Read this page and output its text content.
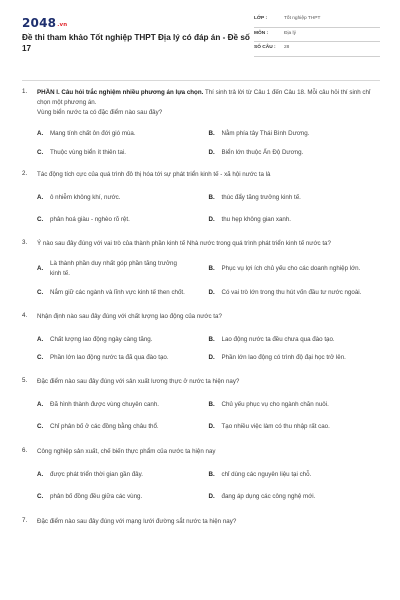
2048.vn
Đề thi tham khảo Tốt nghiệp THPT Địa lý có đáp án - Đề số 17
LỚP :	Tốt nghiệp THPT
MÔN :	Địa lý
SỐ CÂU : 28
1. PHẦN I. Câu hỏi trắc nghiệm nhiều phương án lựa chọn. Thí sinh trả lời từ Câu 1 đến Câu 18. Mỗi câu hỏi thí sinh chỉ chọn một phương án.
Vùng biển nước ta có đặc điểm nào sau đây?
A.	Mang tính chất ôn đới gió mùa.	B.	Nằm phía tây Thái Bình Dương.
C.	Thuộc vùng biển ít thiên tai.	D.	Biển lớn thuộc Ấn Độ Dương.
2. Tác động tích cực của quá trình đô thị hóa tới sự phát triển kinh tế - xã hội nước ta là
A.	ô nhiễm không khí, nước.	B.	thúc đẩy tăng trưởng kinh tế.
C.	phân hoá giàu - nghèo rõ rệt.	D.	thu hẹp không gian xanh.
3. Ý nào sau đây đúng với vai trò của thành phần kinh tế Nhà nước trong quá trình phát triển kinh tế nước ta?
A.
Là thành phần duy nhất góp phần tăng trưởng kinh tế.
B.	Phục vụ lợi ích chủ yếu cho các doanh nghiệp lớn.
C.	Nắm giữ các ngành và lĩnh vực kinh tế then chốt.	D.	Có vai trò lớn trong thu hút vốn đầu tư nước ngoài.
4. Nhận định nào sau đây đúng với chất lượng lao động của nước ta?
A.	Chất lượng lao động ngày càng tăng.	B.	Lao động nước ta đều chưa qua đào tạo.
C.	Phần lớn lao động nước ta đã qua đào tạo.	D.	Phần lớn lao động có trình độ đại học trở lên.
5. Đặc điểm nào sau đây đúng với sản xuất lương thực ở nước ta hiện nay?
A.	Đã hình thành được vùng chuyên canh.	B.	Chủ yếu phục vụ cho ngành chăn nuôi.
C.	Chỉ phân bố ở các đồng bằng châu thổ.	D.	Tạo nhiều việc làm có thu nhập rất cao.
6. Công nghiệp sản xuất, chế biến thực phẩm của nước ta hiện nay
A.	được phát triển thời gian gần đây.	B.	chỉ dùng các nguyên liệu tại chỗ.
C.	phân bố đồng đều giữa các vùng.	D.	đang áp dụng các công nghệ mới.
7. Đặc điểm nào sau đây đúng với mạng lưới đường sắt nước ta hiện nay?
